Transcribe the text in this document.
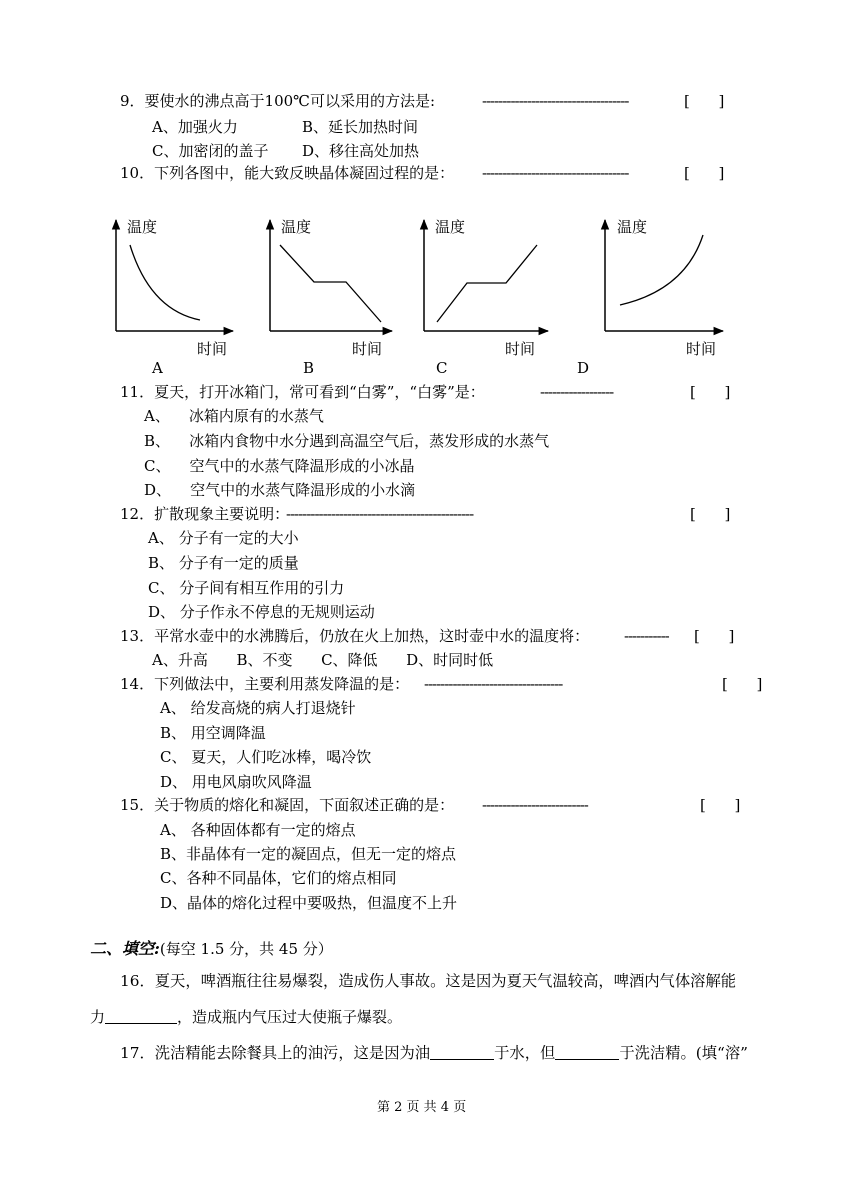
9．要使水的沸点高于100℃可以采用的方法是:	------------------------------------	[      ]
A、加强火力	B、延长加热时间
C、加密闭的盖子 D、移往高处加热
10．下列各图中，能大致反映晶体凝固过程的是： ------------------------------------	[      ]
温度
时间
A
温度
时间
B
温度
时间
C
温度
时间
D
11．夏天，打开冰箱门，常可看到“白雾”，“白雾”是：	------------------	[      ]
A、    冰箱内原有的水蒸气
B、    冰箱内食物中水分遇到高温空气后，蒸发形成的水蒸气
C、    空气中的水蒸气降温形成的小冰晶
D、    空气中的水蒸气降温形成的小水滴
12．扩散现象主要说明：
----------------------------------------------	[      ]
A、 分子有一定的大小
B、 分子有一定的质量
C、 分子间有相互作用的引力
D、 分子作永不停息的无规则运动
13．平常水壶中的水沸腾后，仍放在火上加热，这时壶中水的温度将： -----------	[      ]
A、升高      B、不变      C、降低      D、时同时低
14．下列做法中，主要利用蒸发降温的是： ----------------------------------	[      ]
A、 给发高烧的病人打退烧针
B、 用空调降温
C、 夏天，人们吃冰棒，喝冷饮
D、 用电风扇吹风降温
15．关于物质的熔化和凝固，下面叙述正确的是： --------------------------	[      ]
A、 各种固体都有一定的熔点
B、非晶体有一定的凝固点，但无一定的熔点
C、各种不同晶体，它们的熔点相同
D、晶体的熔化过程中要吸热，但温度不上升
二、填空:(每空 1.5 分，共 45 分）
16．夏天，啤酒瓶往往易爆裂，造成伤人事故。这是因为夏天气温较高，啤酒内气体溶解能
力	，造成瓶内气压过大使瓶子爆裂。
17．洗洁精能去除餐具上的油污，这是因为油	于水，但	于洗洁精。(填“溶”
第 2 页 共 4 页
